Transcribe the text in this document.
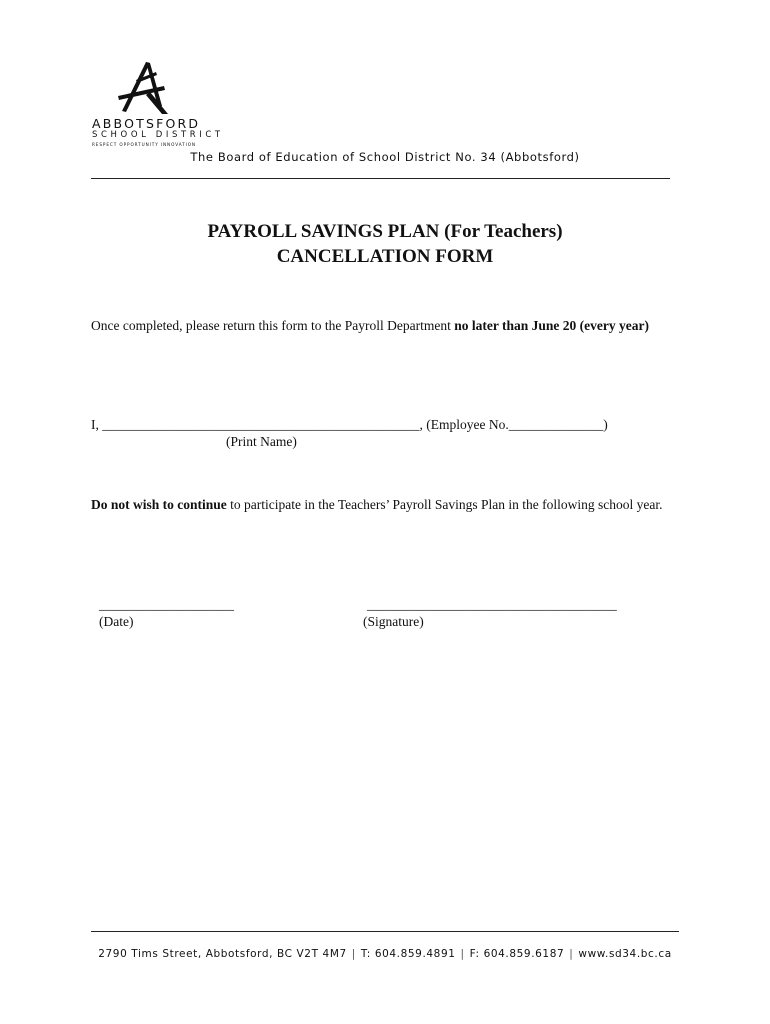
ABBOTSFORD
SCHOOL DISTRICT
RESPECT OPPORTUNITY INNOVATION
The Board of Education of School District No. 34 (Abbotsford)
PAYROLL SAVINGS PLAN (For Teachers)
CANCELLATION FORM
Once completed, please return this form to the Payroll Department no later than June 20 (every year)
I, _______________________________________________, (Employee No.______________)
(Print Name)
Do not wish to continue to participate in the Teachers’ Payroll Savings Plan in the following school year.
____________________
(Date)
_____________________________________
(Signature)
2790 Tims Street, Abbotsford, BC V2T 4M7 | T: 604.859.4891 | F: 604.859.6187 | www.sd34.bc.ca
